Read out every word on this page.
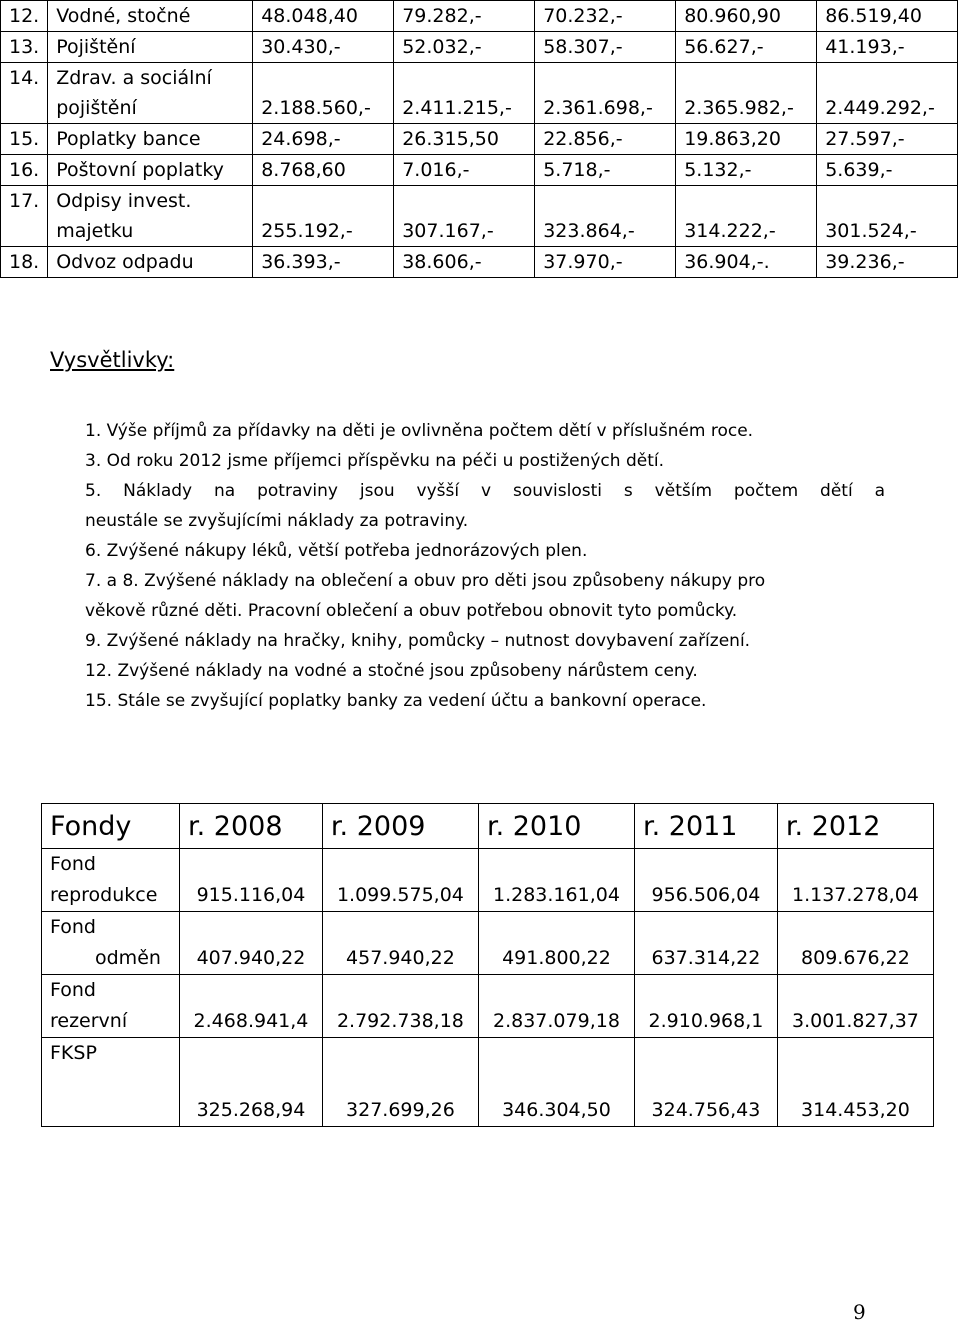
12.	Vodné, stočné	48.048,40	79.282,-	70.232,-	80.960,90	86.519,40
13.	Pojištění	30.430,-	52.032,-	58.307,-	56.627,-	41.193,-
14.	Zdrav. a sociální
pojištění	2.188.560,-	2.411.215,-	2.361.698,-	2.365.982,-	2.449.292,-
15.	Poplatky bance	24.698,-	26.315,50	22.856,-	19.863,20	27.597,-
16.	Poštovní poplatky	8.768,60	7.016,-	5.718,-	5.132,-	5.639,-
17.	Odpisy invest.
majetku	255.192,-	307.167,-	323.864,-	314.222,-	301.524,-
18.	Odvoz odpadu	36.393,-	38.606,-	37.970,-	36.904,-.	39.236,-
Vysvětlivky:
1. Výše příjmů za přídavky na děti je ovlivněna počtem dětí v příslušném roce.
3. Od roku 2012 jsme příjemci příspěvku na péči u postižených dětí.
5. Náklady na potraviny jsou vyšší v souvislosti s větším počtem dětí a
neustále se zvyšujícími náklady za potraviny.
6. Zvýšené nákupy léků, větší potřeba jednorázových plen.
7. a 8. Zvýšené náklady na oblečení a obuv pro děti jsou způsobeny nákupy pro
věkově různé děti. Pracovní oblečení a obuv potřebou obnovit tyto pomůcky.
9. Zvýšené náklady na hračky, knihy, pomůcky – nutnost dovybavení zařízení.
12. Zvýšené náklady na vodné a stočné jsou způsobeny nárůstem ceny.
15. Stále se zvyšující poplatky banky za vedení účtu a bankovní operace.
Fondy	r. 2008	r. 2009	r. 2010	r. 2011	r. 2012

Fond
reprodukce	915.116,04	1.099.575,04	1.283.161,04	956.506,04	1.137.278,04

Fond
odměn	407.940,22	457.940,22	491.800,22	637.314,22	809.676,22

Fond
rezervní	2.468.941,4	2.792.738,18	2.837.079,18	2.910.968,1	3.001.827,37

FKSP	325.268,94	327.699,26	346.304,50	324.756,43	314.453,20
9
